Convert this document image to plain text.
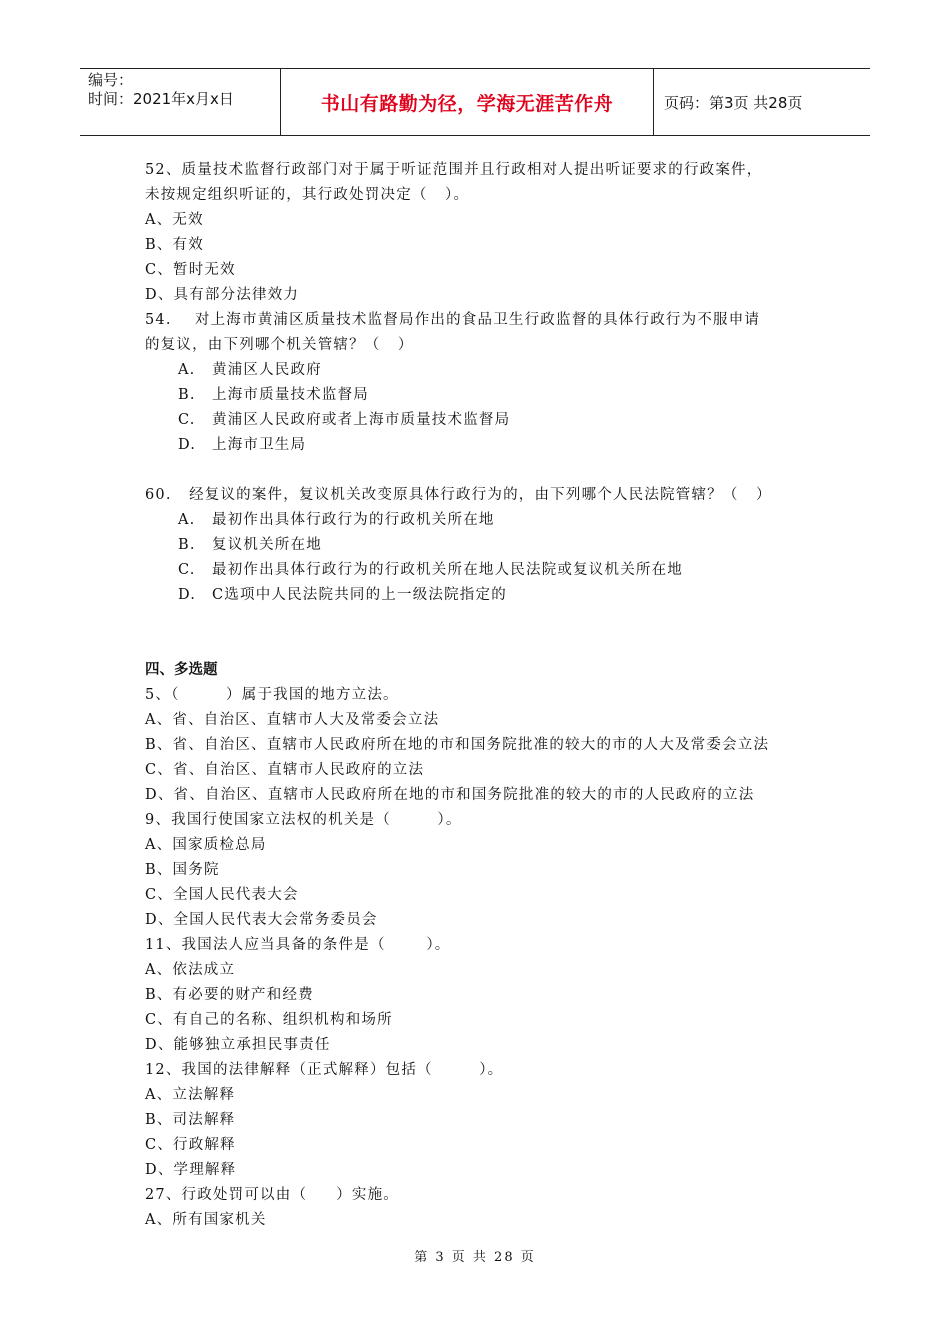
编号：
时间：2021年x月x日	书山有路勤为径，学海无涯苦作舟	页码：第3页 共28页
52、质量技术监督行政部门对于属于听证范围并且行政相对人提出听证要求的行政案件，
未按规定组织听证的，其行政处罚决定（   ）。
A、无效
B、有效
C、暂时无效
D、具有部分法律效力
54.    对上海市黄浦区质量技术监督局作出的食品卫生行政监督的具体行政行为不服申请
的复议，由下列哪个机关管辖？（   ）
A. 黄浦区人民政府
B. 上海市质量技术监督局
C. 黄浦区人民政府或者上海市质量技术监督局
D. 上海市卫生局
60.   经复议的案件，复议机关改变原具体行政行为的，由下列哪个人民法院管辖？（   ）
A. 最初作出具体行政行为的行政机关所在地
B. 复议机关所在地
C. 最初作出具体行政行为的行政机关所在地人民法院或复议机关所在地
D. C选项中人民法院共同的上一级法院指定的
四、多选题
5、（        ）属于我国的地方立法。
A、省、自治区、直辖市人大及常委会立法
B、省、自治区、直辖市人民政府所在地的市和国务院批准的较大的市的人大及常委会立法
C、省、自治区、直辖市人民政府的立法
D、省、自治区、直辖市人民政府所在地的市和国务院批准的较大的市的人民政府的立法
9、我国行使国家立法权的机关是（        ）。
A、国家质检总局
B、国务院
C、全国人民代表大会
D、全国人民代表大会常务委员会
11、我国法人应当具备的条件是（       ）。
A、依法成立
B、有必要的财产和经费
C、有自己的名称、组织机构和场所
D、能够独立承担民事责任
12、我国的法律解释（正式解释）包括（        ）。
A、立法解释
B、司法解释
C、行政解释
D、学理解释
27、行政处罚可以由（     ）实施。
A、所有国家机关
第 3 页 共 28 页
